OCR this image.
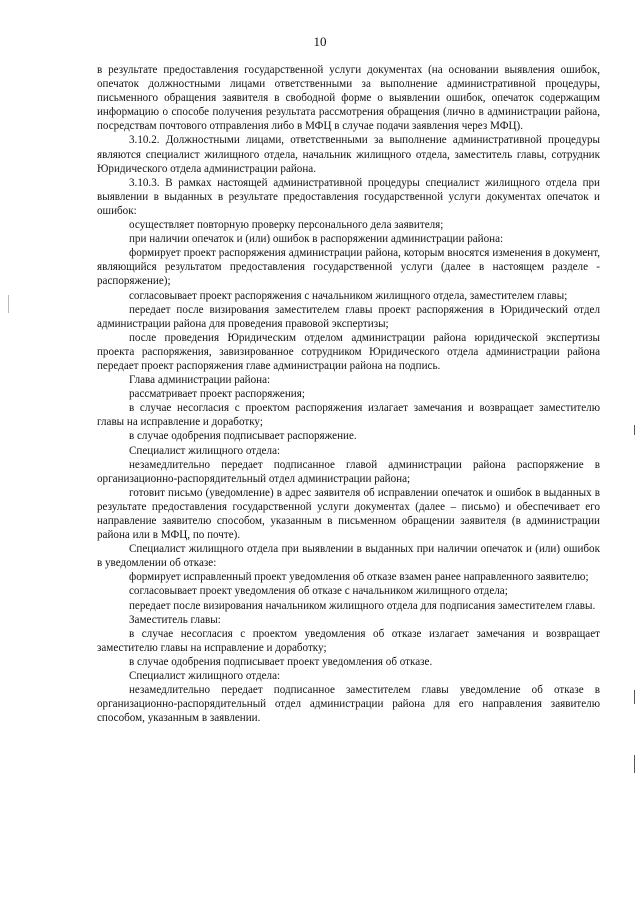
10

в результате предоставления государственной услуги документах (на основании выявления ошибок, опечаток должностными лицами ответственными за выполнение административной процедуры, письменного обращения заявителя в свободной форме о выявлении ошибок, опечаток содержащим информацию о способе получения результата рассмотрения обращения (лично в администрации района, посредствам почтового отправления либо в МФЦ в случае подачи заявления через МФЦ).

3.10.2. Должностными лицами, ответственными за выполнение административной процедуры являются специалист жилищного отдела, начальник жилищного отдела, заместитель главы, сотрудник Юридического отдела администрации района.

3.10.3. В рамках настоящей административной процедуры специалист жилищного отдела при выявлении в выданных в результате предоставления государственной услуги документах опечаток и ошибок:

осуществляет повторную проверку персонального дела заявителя;

при наличии опечаток и (или) ошибок в распоряжении администрации района:

формирует проект распоряжения администрации района, которым вносятся изменения в документ, являющийся результатом предоставления государственной услуги (далее в настоящем разделе - распоряжение);

согласовывает проект распоряжения с начальником жилищного отдела, заместителем главы;

передает после визирования заместителем главы проект распоряжения в Юридический отдел администрации района для проведения правовой экспертизы;

после проведения Юридическим отделом администрации района юридической экспертизы проекта распоряжения, завизированное сотрудником Юридического отдела администрации района передает проект распоряжения главе администрации района на подпись.

Глава администрации района:

рассматривает проект распоряжения;

в случае несогласия с проектом распоряжения излагает замечания и возвращает заместителю главы на исправление и доработку;

в случае одобрения подписывает распоряжение.

Специалист жилищного отдела:

незамедлительно передает подписанное главой администрации района распоряжение в организационно-распорядительный отдел администрации района;

готовит письмо (уведомление) в адрес заявителя об исправлении опечаток и ошибок в выданных в результате предоставления государственной услуги документах (далее – письмо) и обеспечивает его направление заявителю способом, указанным в письменном обращении заявителя (в администрации района или в МФЦ, по почте).

Специалист жилищного отдела при выявлении в выданных при наличии опечаток и (или) ошибок в уведомлении об отказе:

формирует исправленный проект уведомления об отказе взамен ранее направленного заявителю;

согласовывает проект уведомления об отказе с начальником жилищного отдела;

передает после визирования начальником жилищного отдела для подписания заместителем главы.

Заместитель главы:

в случае несогласия с проектом уведомления об отказе излагает замечания и возвращает заместителю главы на исправление и доработку;

в случае одобрения подписывает проект уведомления об отказе.

Специалист жилищного отдела:

незамедлительно передает подписанное заместителем главы уведомление об отказе в организационно-распорядительный отдел администрации района для его направления заявителю способом, указанным в заявлении.
